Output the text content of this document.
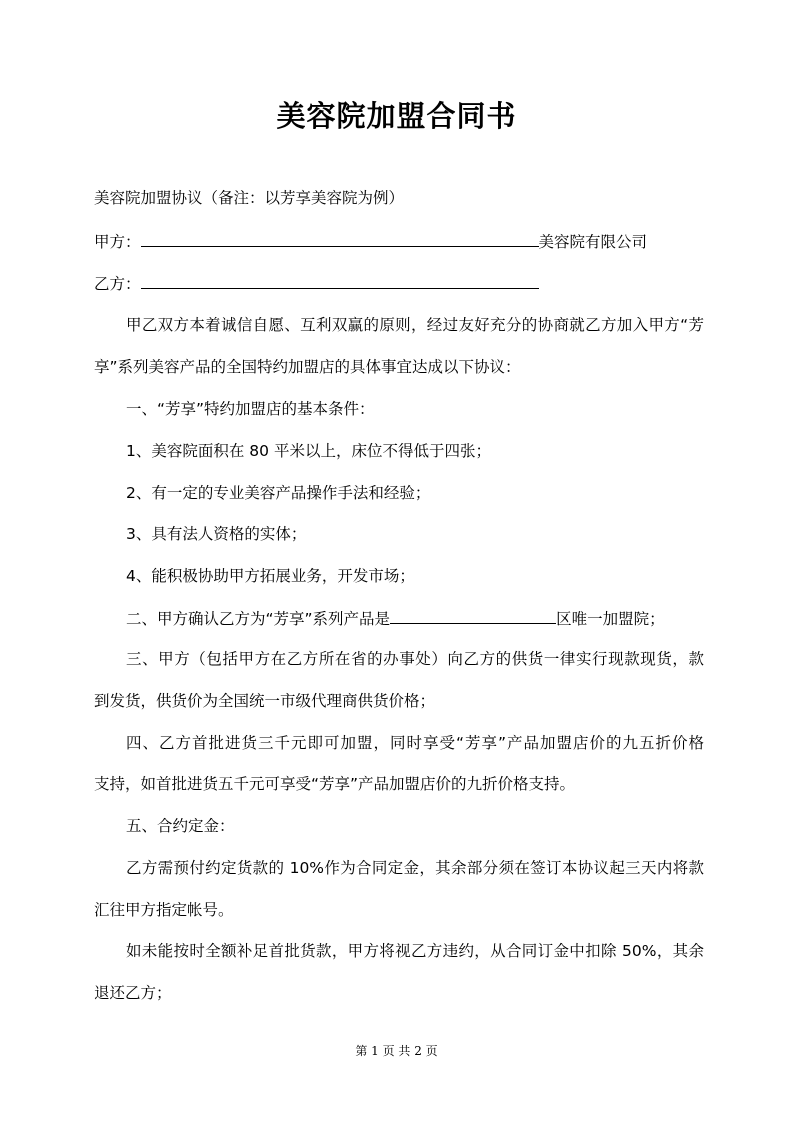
美容院加盟合同书
美容院加盟协议（备注：以芳享美容院为例）
甲方：	美容院有限公司
乙方：
甲乙双方本着诚信自愿、互利双赢的原则，经过友好充分的协商就乙方加入甲方“芳
享”系列美容产品的全国特约加盟店的具体事宜达成以下协议：
一、“芳享”特约加盟店的基本条件：
1、美容院面积在 80 平米以上，床位不得低于四张；
2、有一定的专业美容产品操作手法和经验；
3、具有法人资格的实体；
4、能积极协助甲方拓展业务，开发市场；
二、甲方确认乙方为“芳享”系列产品是	区唯一加盟院；
三、甲方（包括甲方在乙方所在省的办事处）向乙方的供货一律实行现款现货，款
到发货，供货价为全国统一市级代理商供货价格；
四、乙方首批进货三千元即可加盟，同时享受“芳享”产品加盟店价的九五折价格
支持，如首批进货五千元可享受“芳享”产品加盟店价的九折价格支持。
五、合约定金：
乙方需预付约定货款的 10%作为合同定金，其余部分须在签订本协议起三天内将款
汇往甲方指定帐号。
如未能按时全额补足首批货款，甲方将视乙方违约，从合同订金中扣除 50%，其余
退还乙方；
第 1 页 共 2 页
